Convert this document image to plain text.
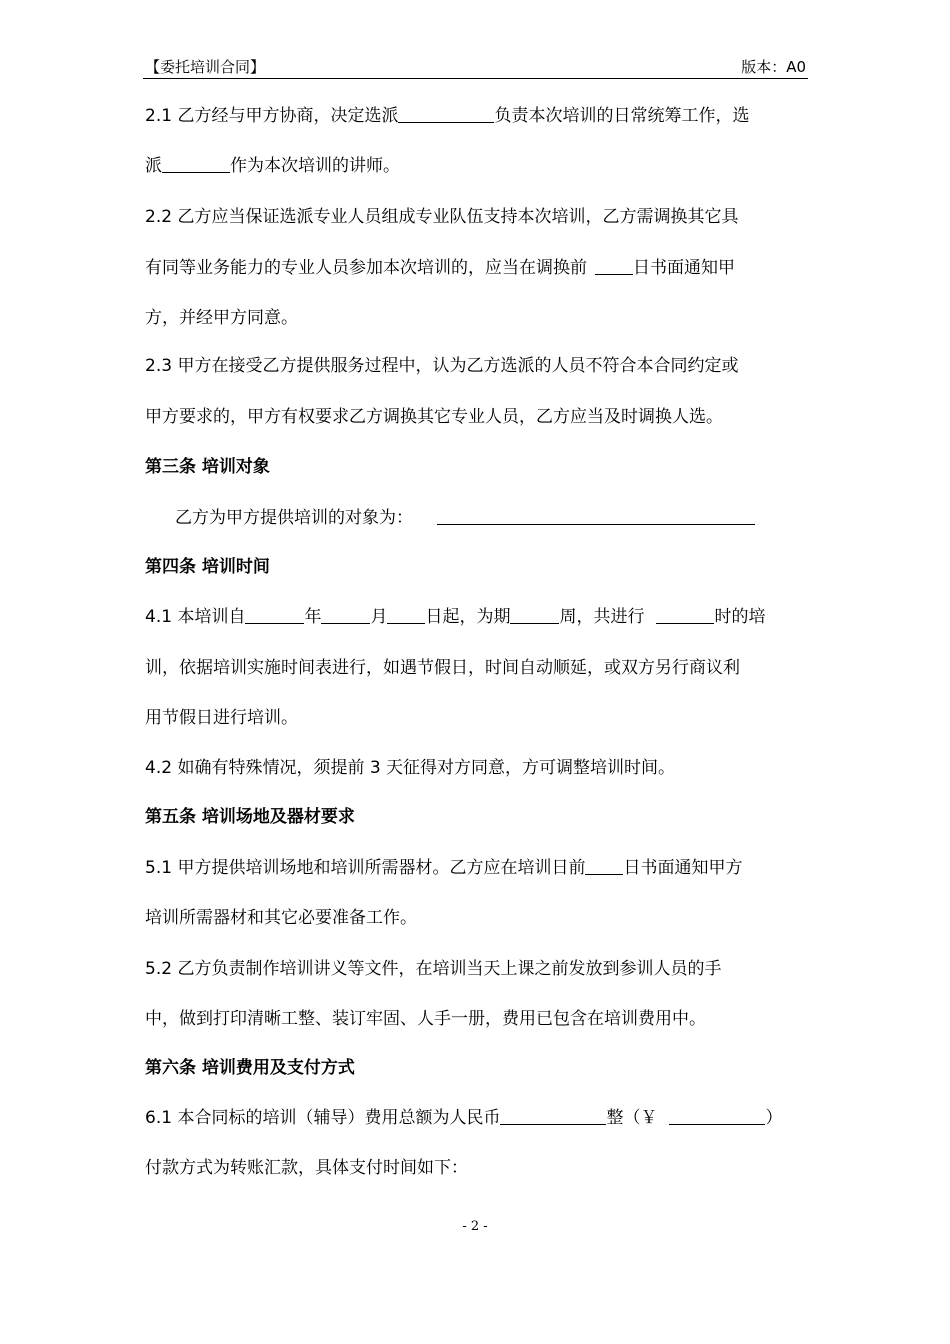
【委托培训合同】	版本：A0
2.1 乙方经与甲方协商，决定选派	负责本次培训的日常统筹工作，选
派	作为本次培训的讲师。
2.2 乙方应当保证选派专业人员组成专业队伍支持本次培训，乙方需调换其它具
有同等业务能力的专业人员参加本次培训的，应当在调换前	日书面通知甲
方，并经甲方同意。
2.3 甲方在接受乙方提供服务过程中，认为乙方选派的人员不符合本合同约定或
甲方要求的，甲方有权要求乙方调换其它专业人员，乙方应当及时调换人选。
第三条 培训对象
乙方为甲方提供培训的对象为：
第四条 培训时间
4.1 本培训自	年	月 日起，为期	周，共进行	时的培
训，依据培训实施时间表进行，如遇节假日，时间自动顺延，或双方另行商议利
用节假日进行培训。
4.2 如确有特殊情况，须提前 3 天征得对方同意，方可调整培训时间。
第五条 培训场地及器材要求
5.1 甲方提供培训场地和培训所需器材。乙方应在培训日前 日书面通知甲方
培训所需器材和其它必要准备工作。
5.2 乙方负责制作培训讲义等文件，在培训当天上课之前发放到参训人员的手
中，做到打印清晰工整、装订牢固、人手一册，费用已包含在培训费用中。
第六条 培训费用及支付方式
6.1 本合同标的培训（辅导）费用总额为人民币	整（￥	）
付款方式为转账汇款，具体支付时间如下：
- 2 -
